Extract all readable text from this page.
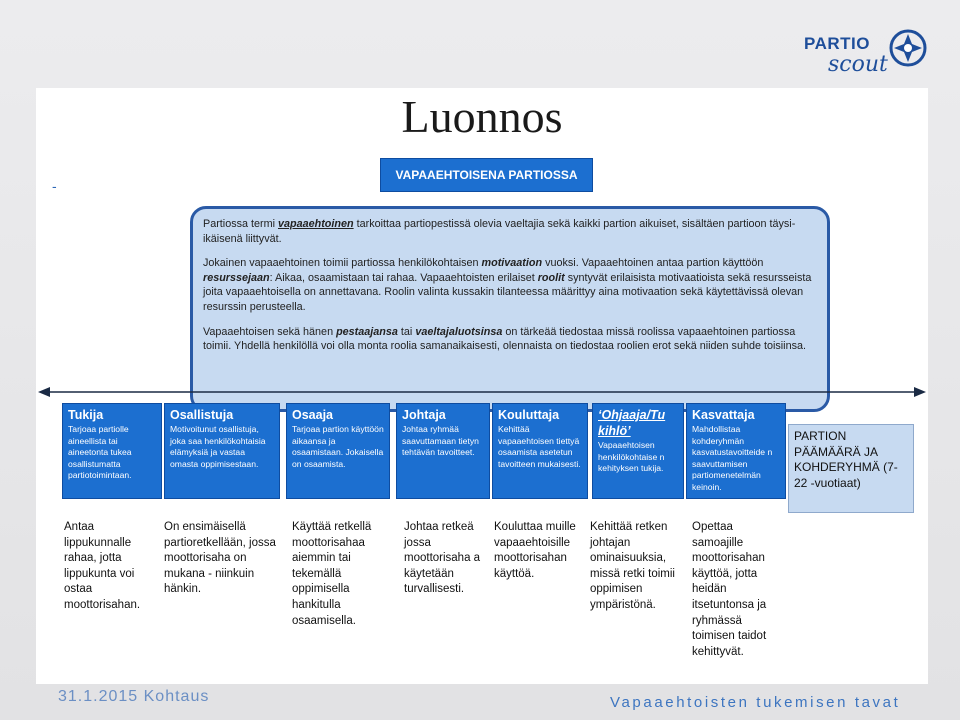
PARTIO
scout
Luonnos
-
VAPAAEHTOISENA PARTIOSSA

Partiossa termi vapaaehtoinen tarkoittaa partiopestissä olevia vaeltajia sekä kaikki partion aikuiset, sisältäen partioon täysi-ikäisenä liittyvät.

Jokainen vapaaehtoinen toimii partiossa henkilökohtaisen motivaation vuoksi. Vapaaehtoinen antaa partion käyttöön resurssejaan: Aikaa, osaamistaan tai rahaa. Vapaaehtoisten erilaiset roolit syntyvät erilaisista motivaatioista sekä resursseista joita vapaaehtoisella on annettavana. Roolin valinta kussakin tilanteessa määrittyy aina motivaation sekä käytettävissä olevan resurssin perusteella.

Vapaaehtoisen sekä hänen pestaajansa tai vaeltajaluotsinsa on tärkeää tiedostaa missä roolissa vapaaehtoinen partiossa toimii. Yhdellä henkilöllä voi olla monta roolia samanaikaisesti, olennaista on tiedostaa roolien erot sekä niiden suhde toisiinsa.

Tukija
Tarjoaa partiolle aineellista tai aineetonta tukea osallistumatta partiotoimintaan.
Osallistuja
Motivoitunut osallistuja, joka saa henkilökohtaisia elämyksiä ja vastaa omasta oppimisestaan.
Osaaja
Tarjoaa partion käyttöön aikaansa ja osaamistaan. Jokaisella on osaamista.
Johtaja
Johtaa ryhmää saavuttamaan tietyn tehtävän tavoitteet.
Kouluttaja
Kehittää vapaaehtoisen tiettyä osaamista asetetun tavoitteen mukaisesti.
‘Ohjaaja/Tu kihlö’
Vapaaehtoisen henkilökohtaise n kehityksen tukija.
Kasvattaja
Mahdollistaa kohderyhmän kasvatustavoitteide n saavuttamisen partiomenetelmän keinoin.
PARTION PÄÄMÄÄRÄ JA KOHDERYHMÄ (7-22 -vuotiaat)
Antaa lippukunnalle rahaa, jotta lippukunta voi ostaa moottorisahan.
On ensimäisellä partioretkellään, jossa moottorisaha on mukana - niinkuin hänkin.
Käyttää retkellä moottorisahaa aiemmin tai tekemällä oppimisella hankitulla osaamisella.
Johtaa retkeä jossa moottorisaha a käytetään turvallisesti.
Kouluttaa muille vapaaehtoisille moottorisahan käyttöä.
Kehittää retken johtajan ominaisuuksia, missä retki toimii oppimisen ympäristönä.
Opettaa samoajille moottorisahan käyttöä, jotta heidän itsetuntonsa ja ryhmässä toimisen taidot kehittyvät.
31.1.2015 Kohtaus	Vapaaehtoisten tukemisen tavat
